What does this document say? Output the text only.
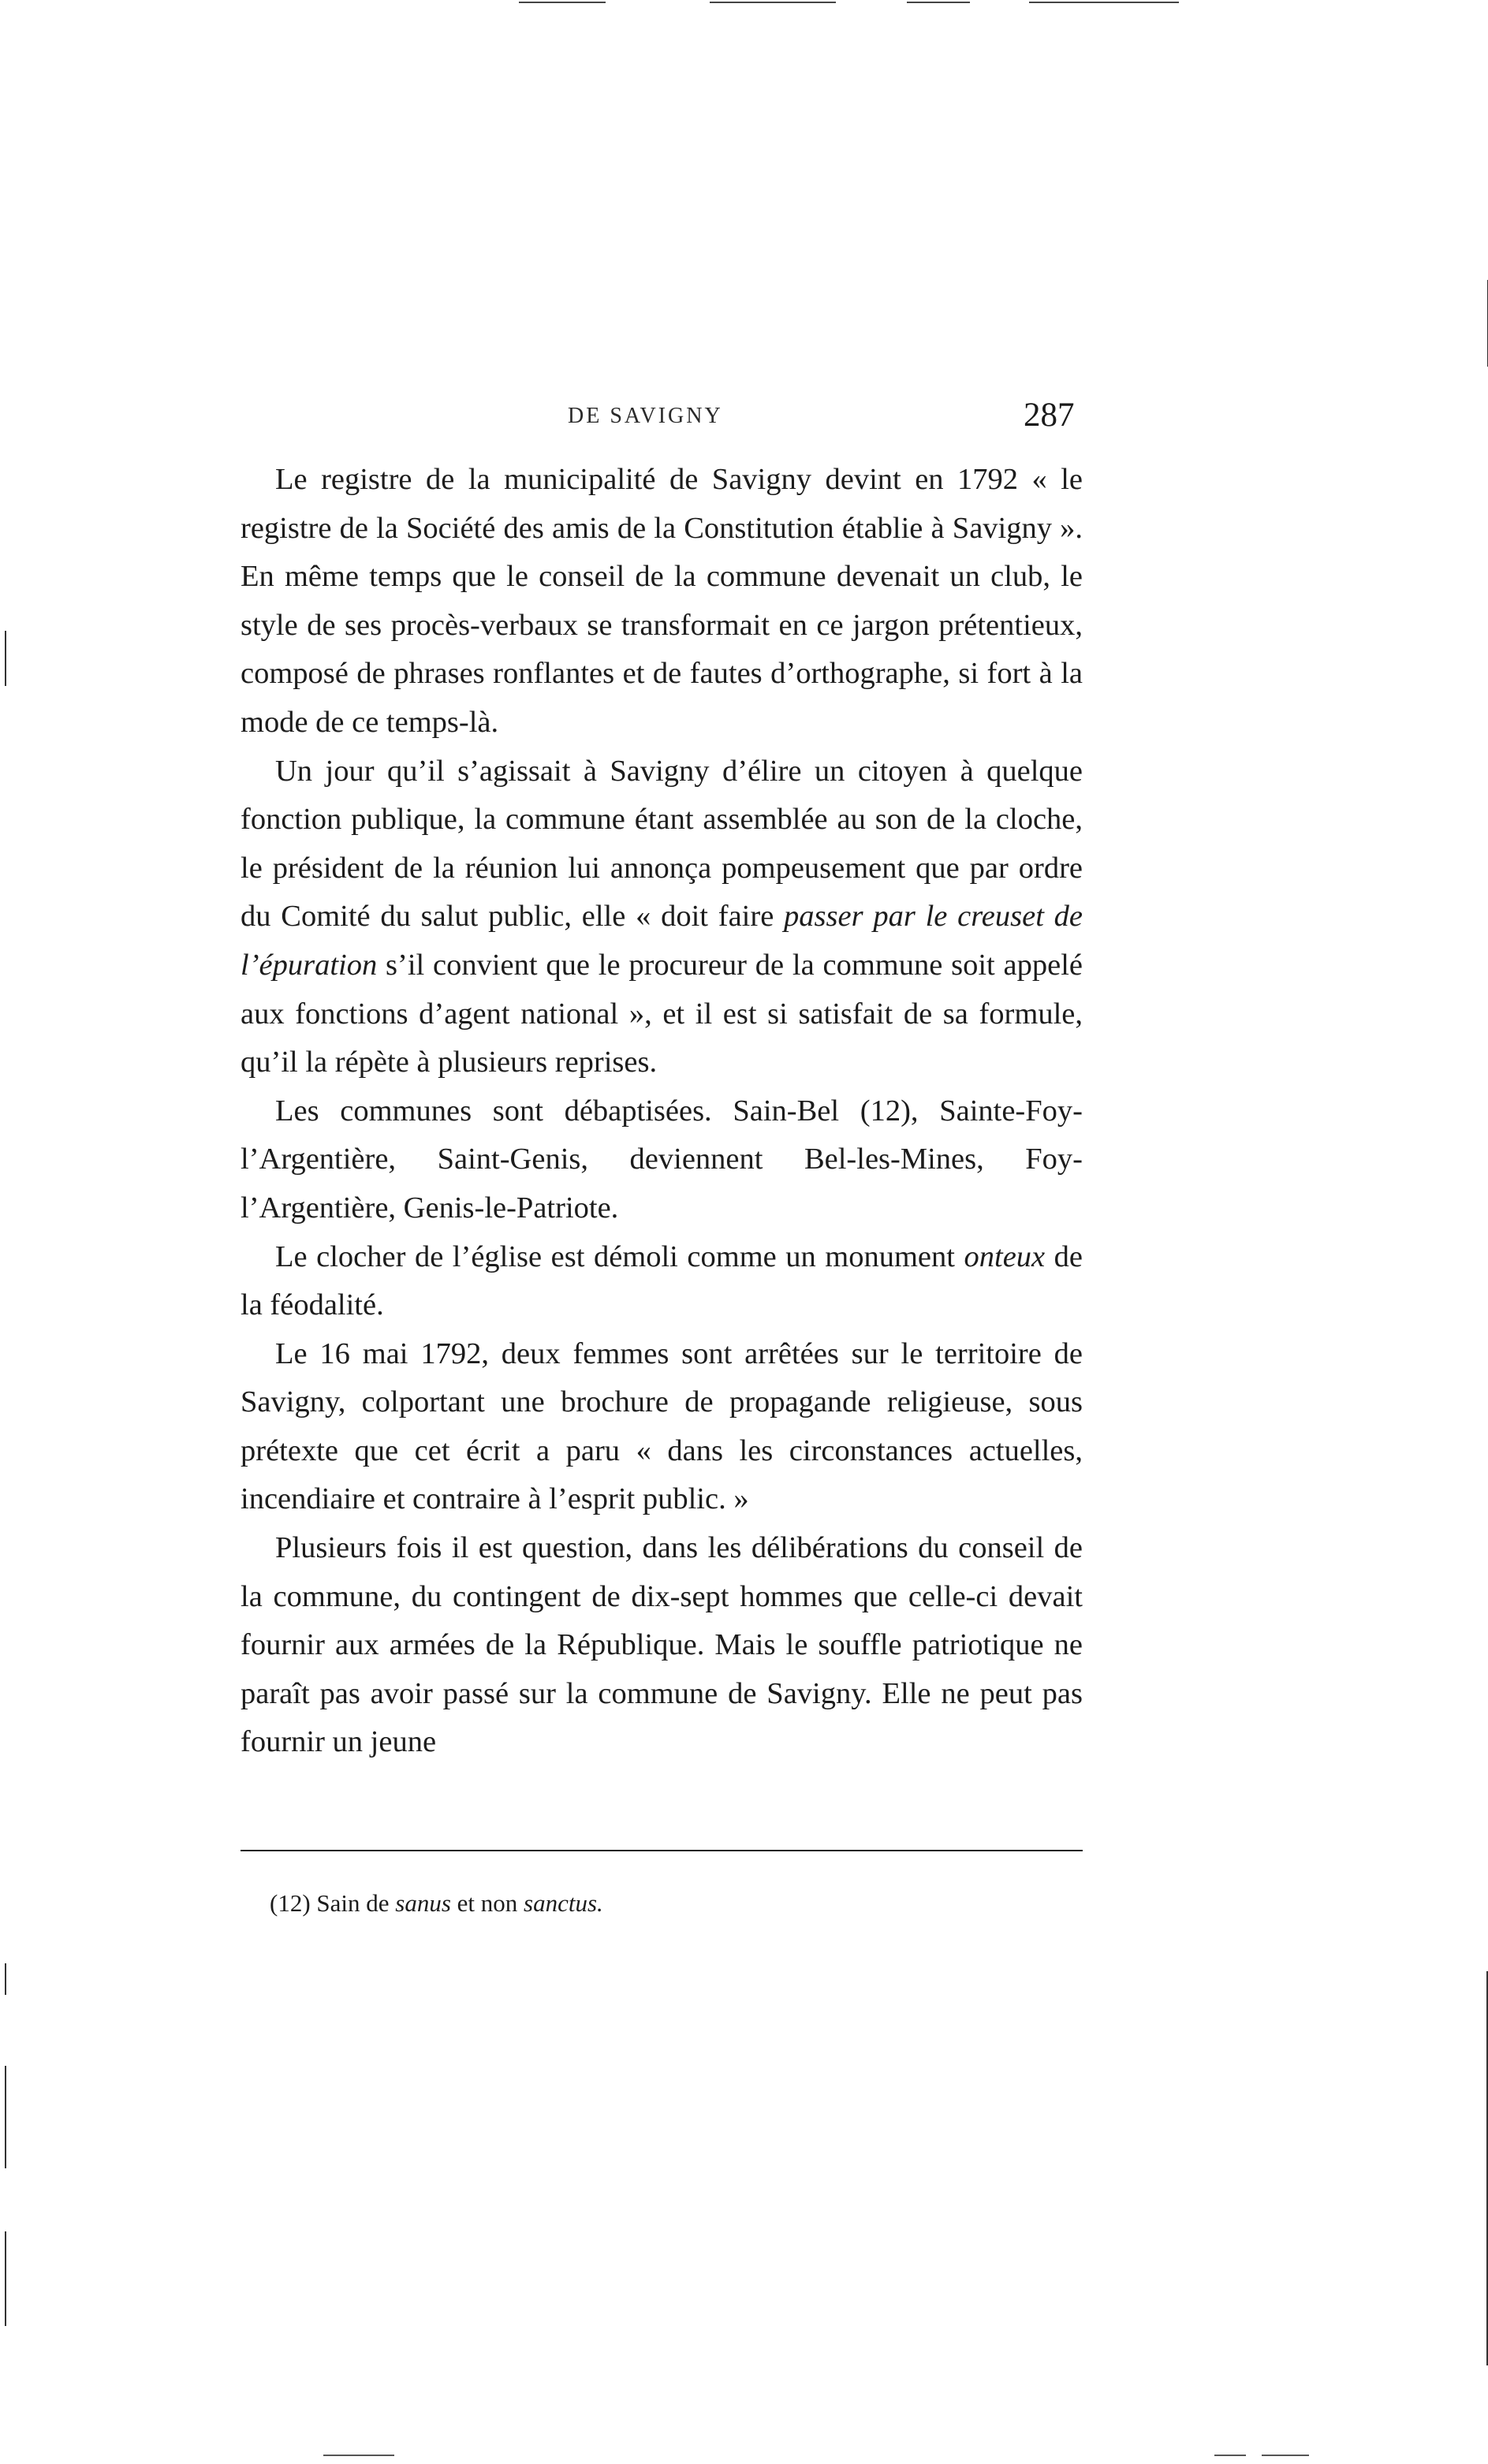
DE SAVIGNY	287

Le registre de la municipalité de Savigny devint en 1792 « le registre de la Société des amis de la Constitution établie à Savigny ». En même temps que le conseil de la commune devenait un club, le style de ses procès-verbaux se transformait en ce jargon prétentieux, composé de phrases ronflantes et de fautes d’orthographe, si fort à la mode de ce temps-là.

Un jour qu’il s’agissait à Savigny d’élire un citoyen à quelque fonction publique, la commune étant assemblée au son de la cloche, le président de la réunion lui annonça pompeusement que par ordre du Comité du salut public, elle « doit faire passer par le creuset de l’épuration s’il convient que le procureur de la commune soit appelé aux fonctions d’agent national », et il est si satisfait de sa formule, qu’il la répète à plusieurs reprises.

Les communes sont débaptisées. Sain-Bel (12), Sainte-Foy-l’Argentière, Saint-Genis, deviennent Bel-les-Mines, Foy-l’Argentière, Genis-le-Patriote.

Le clocher de l’église est démoli comme un monument onteux de la féodalité.

Le 16 mai 1792, deux femmes sont arrêtées sur le territoire de Savigny, colportant une brochure de propagande religieuse, sous prétexte que cet écrit a paru « dans les circonstances actuelles, incendiaire et contraire à l’esprit public. »

Plusieurs fois il est question, dans les délibérations du conseil de la commune, du contingent de dix-sept hommes que celle-ci devait fournir aux armées de la République. Mais le souffle patriotique ne paraît pas avoir passé sur la commune de Savigny. Elle ne peut pas fournir un jeune

(12) Sain de sanus et non sanctus.
